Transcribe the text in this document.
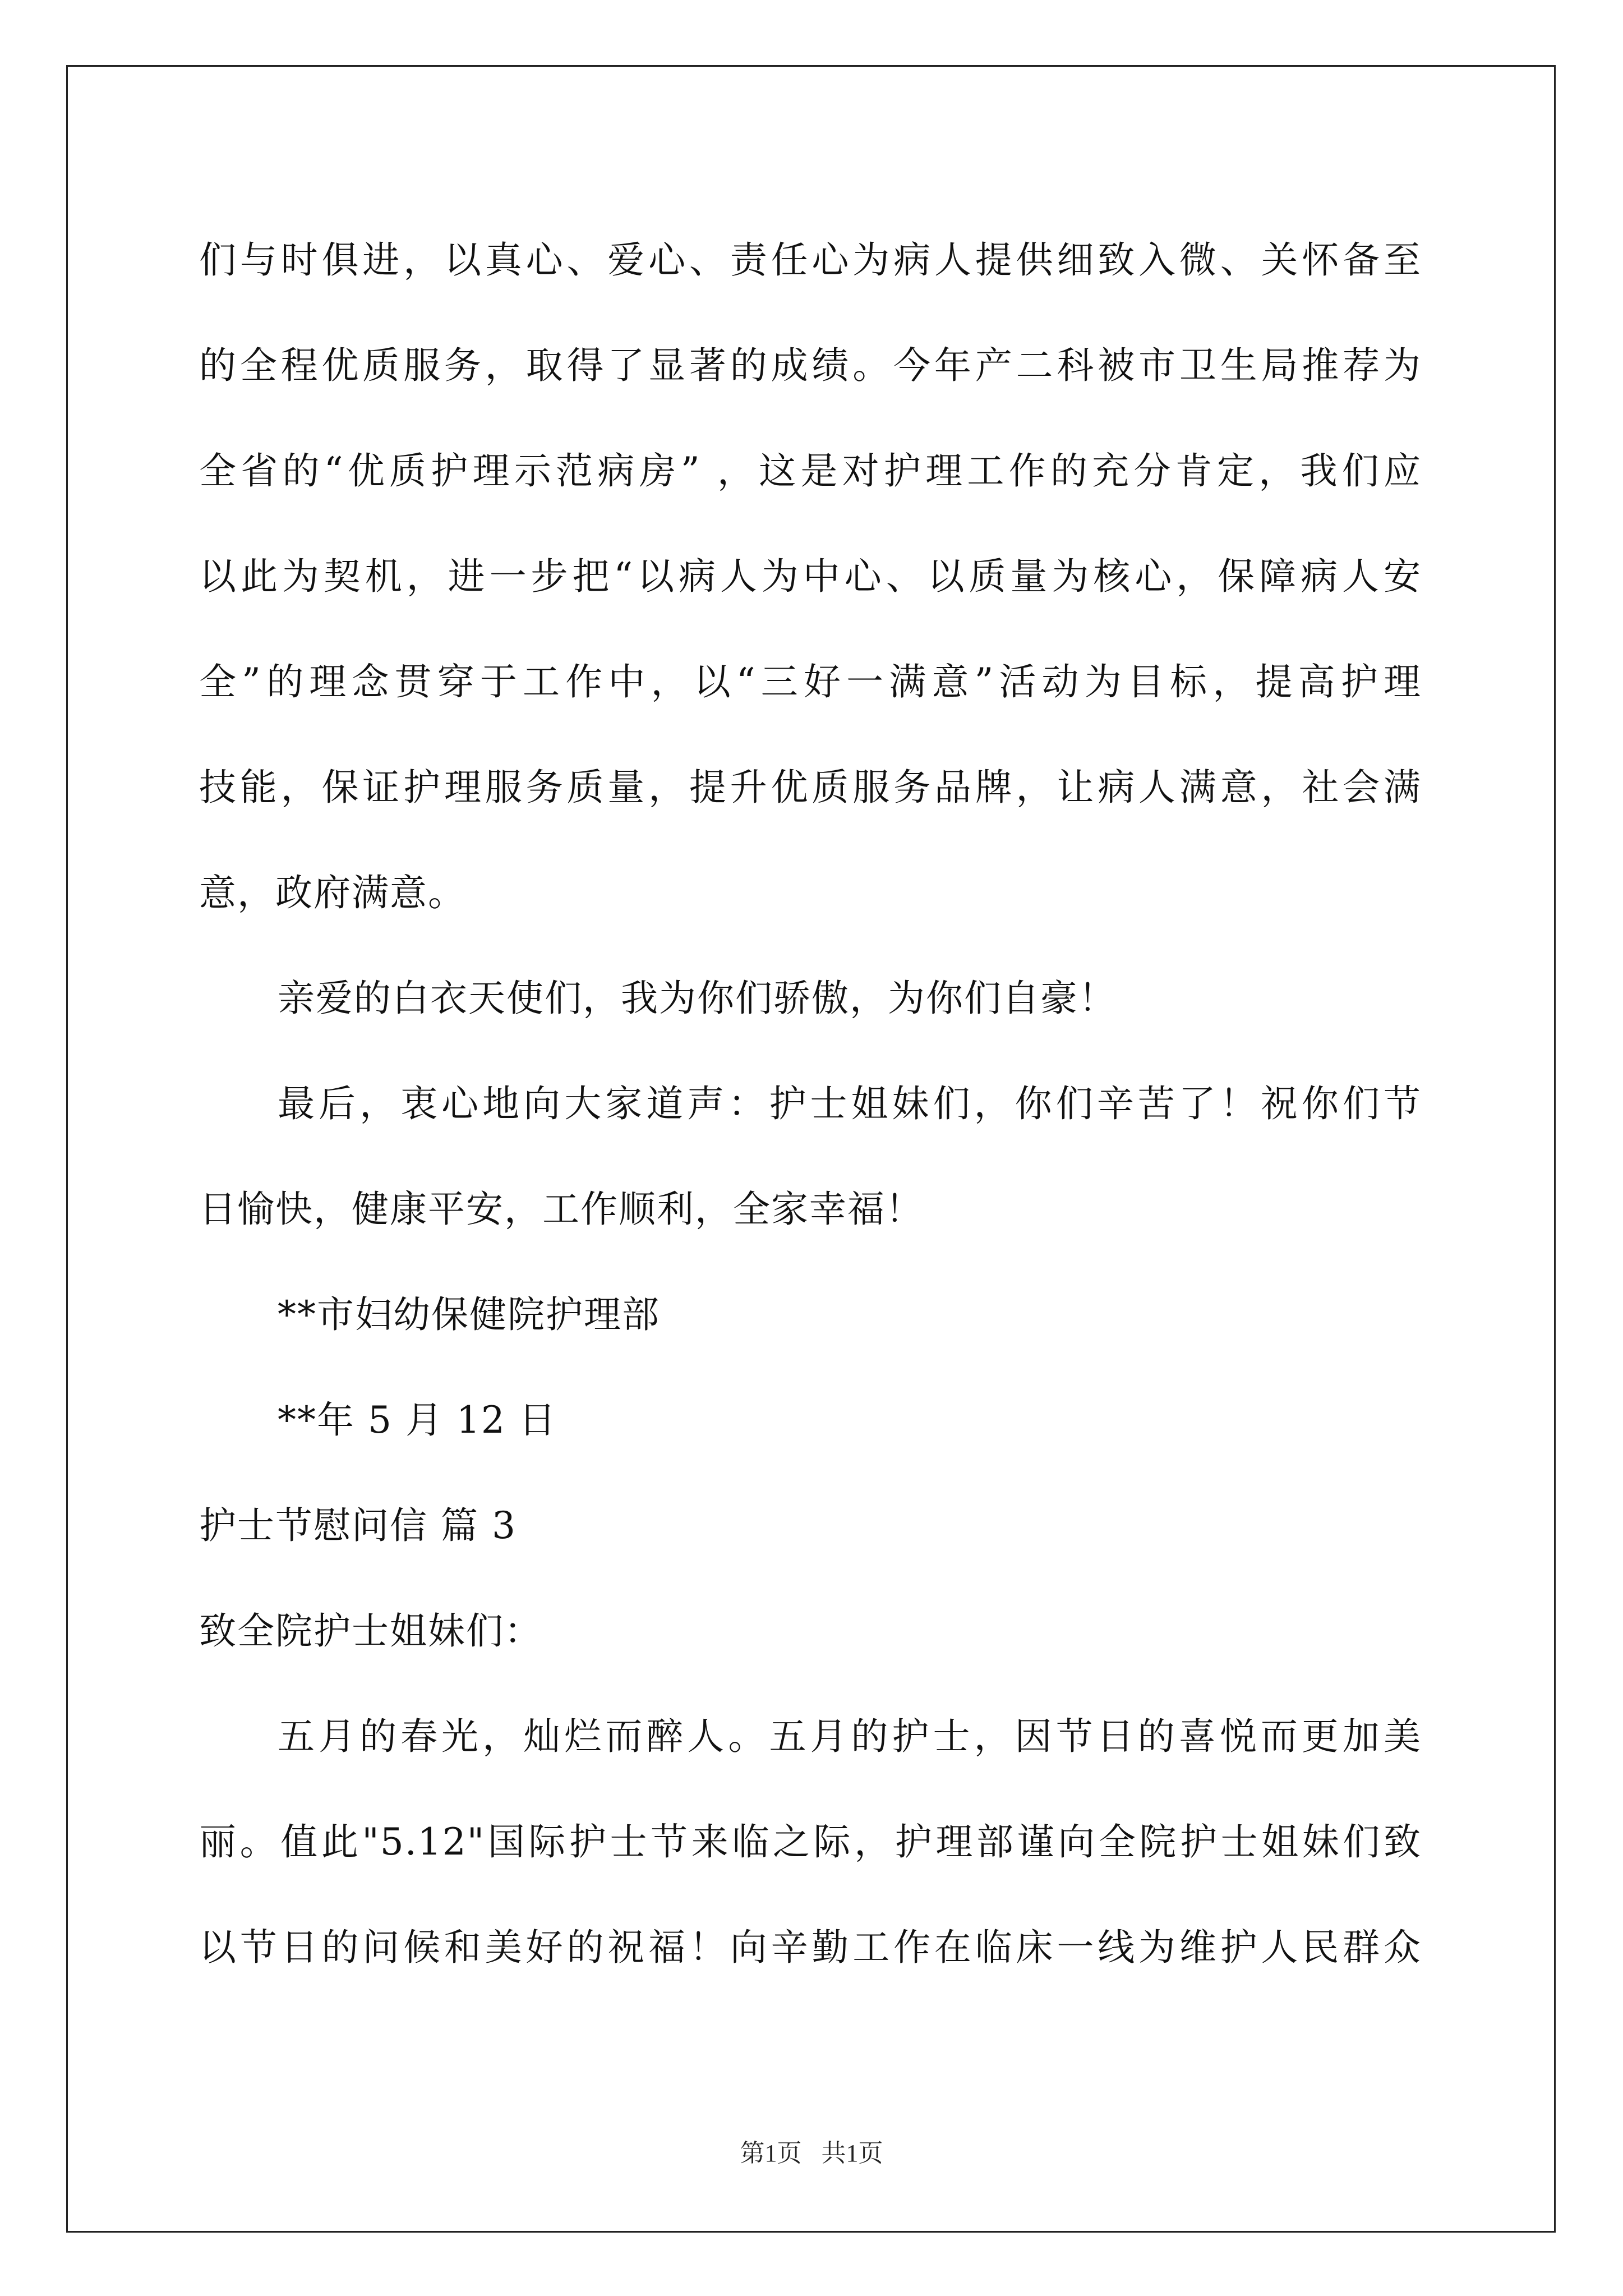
们与时俱进，以真心、爱心、责任心为病人提供细致入微、关怀备至
的全程优质服务，取得了显著的成绩。今年产二科被市卫生局推荐为
全省的“优质护理示范病房” ，这是对护理工作的充分肯定，我们应
以此为契机，进一步把“以病人为中心、以质量为核心，保障病人安
全”的理念贯穿于工作中，以“三好一满意”活动为目标，提高护理
技能，保证护理服务质量，提升优质服务品牌，让病人满意，社会满
意，政府满意。
亲爱的白衣天使们，我为你们骄傲，为你们自豪！
最后，衷心地向大家道声：护士姐妹们，你们辛苦了！祝你们节
日愉快，健康平安，工作顺利，全家幸福！
**市妇幼保健院护理部
**年 5 月 12 日
护士节慰问信 篇 3
致全院护士姐妹们：
五月的春光，灿烂而醉人。五月的护士，因节日的喜悦而更加美
丽。值此"5.12"国际护士节来临之际，护理部谨向全院护士姐妹们致
以节日的问候和美好的祝福！向辛勤工作在临床一线为维护人民群众
第1页 共1页
